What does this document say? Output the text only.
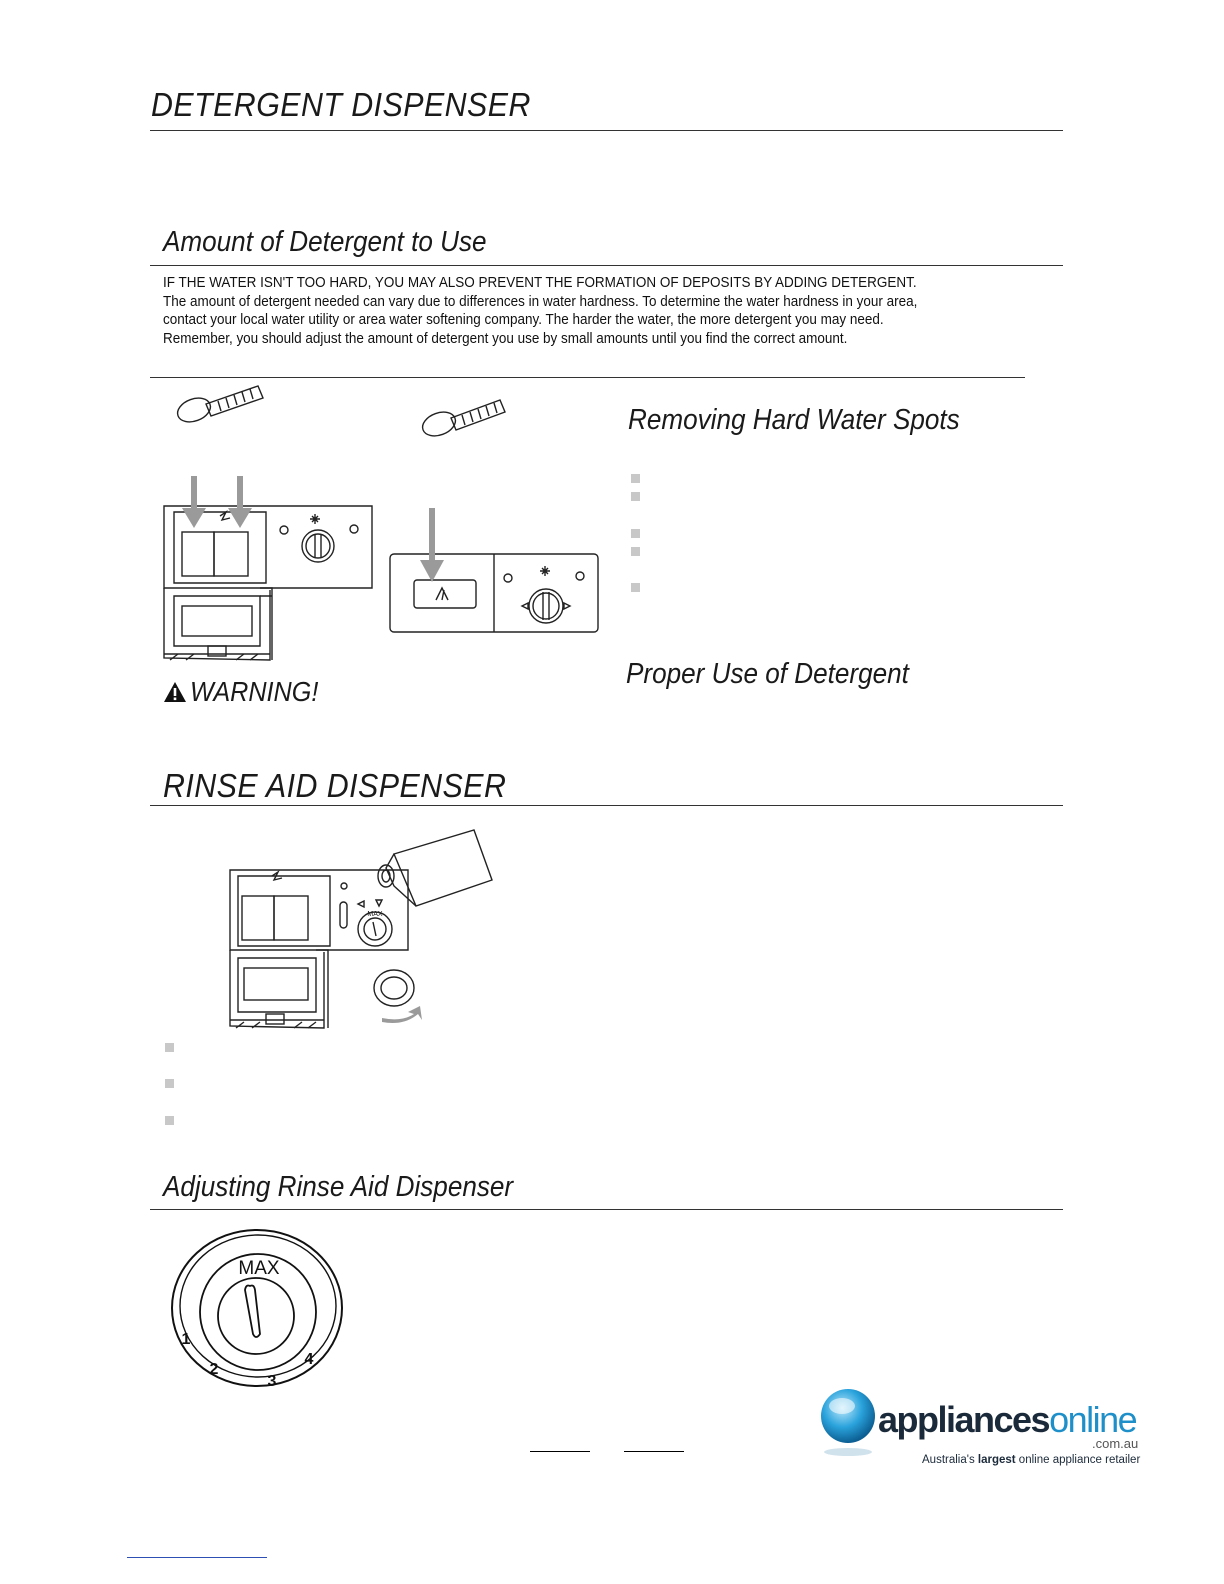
DETERGENT DISPENSER
Amount of Detergent to Use
IF THE WATER ISN'T TOO HARD, YOU MAY ALSO PREVENT THE FORMATION OF DEPOSITS BY ADDING DETERGENT.
The amount of detergent needed can vary due to differences in water hardness. To determine the water hardness in your area,
contact your local water utility or area water softening company. The harder the water, the more detergent you may need.
Remember, you should adjust the amount of detergent you use by small amounts until you find the correct amount.
WARNING!
Removing Hard Water Spots
Proper Use of Detergent
RINSE AID DISPENSER
MAX
Adjusting Rinse Aid Dispenser
MAX
1
2
3
4
appliancesonline
.com.au
Australia's largest online appliance retailer
